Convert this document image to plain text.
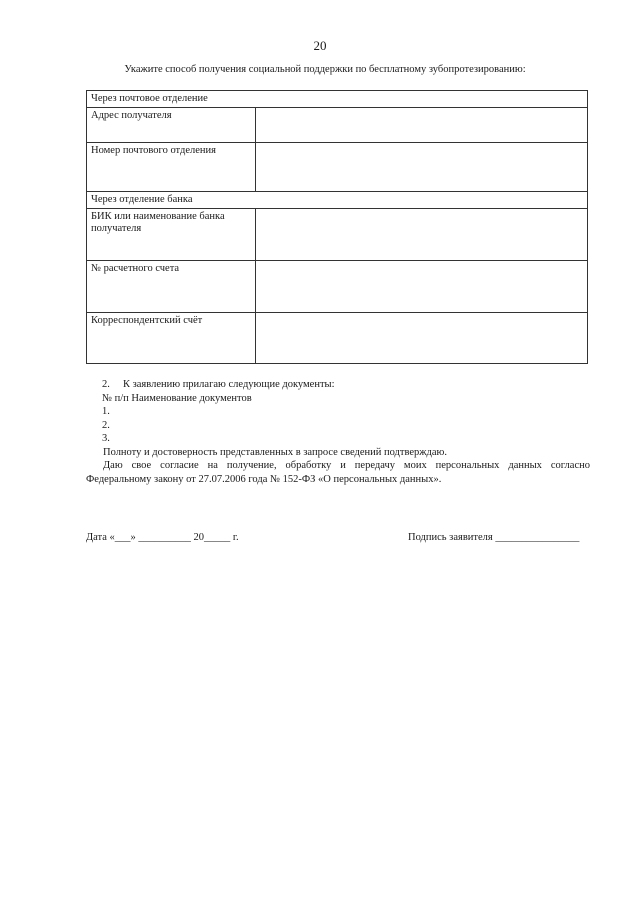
20
Укажите способ получения социальной поддержки по бесплатному зубопротезированию:
Через почтовое отделение	
Адрес получателя	
Номер почтового отделения	
Через отделение банка	
БИК или наименование банка получателя	
№ расчетного счета	
Корреспондентский счёт	
2. К заявлению прилагаю следующие документы:
№ п/п Наименование документов
1.
2.
3.
Полноту и достоверность представленных в запросе сведений подтверждаю.
Даю свое согласие на получение, обработку и передачу моих персональных данных согласно
Федеральному закону от 27.07.2006 года № 152-ФЗ «О персональных данных».
Дата «___» __________ 20_____ г.	Подпись заявителя ________________
